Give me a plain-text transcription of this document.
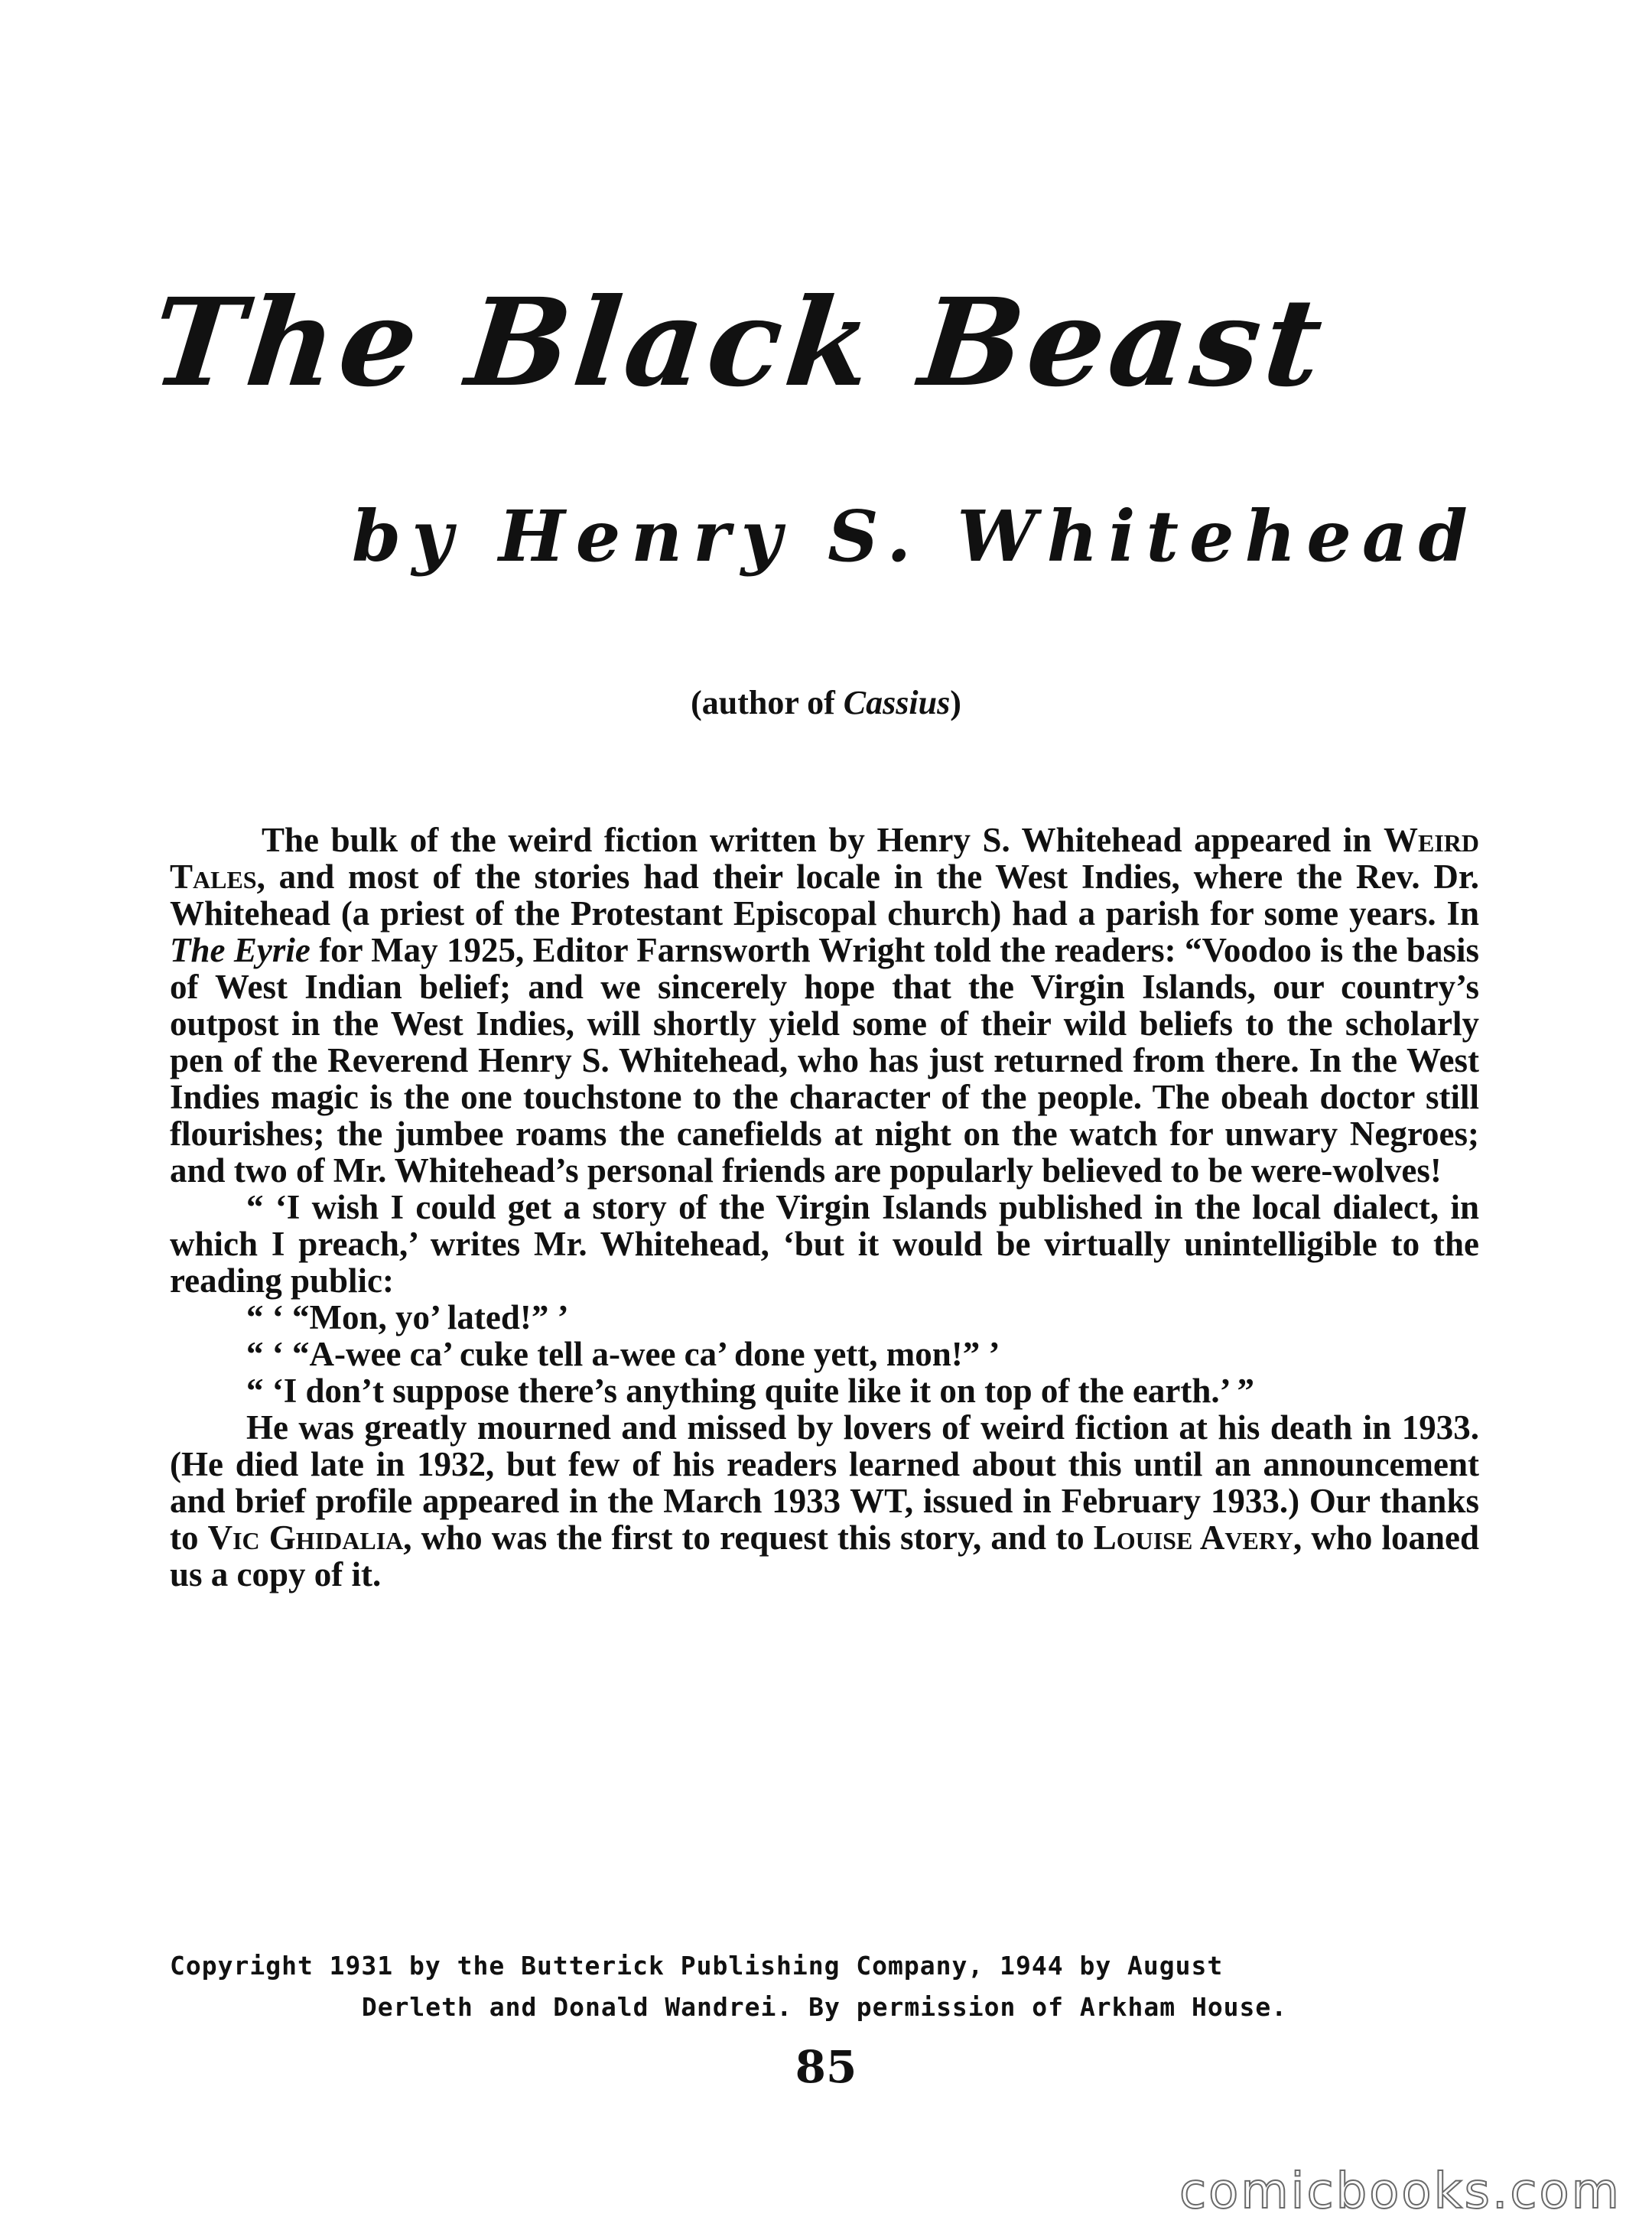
The Black Beast
by Henry S. Whitehead
(author of Cassius)

The bulk of the weird fiction written by Henry S. Whitehead appeared in Weird Tales, and most of the stories had their locale in the West Indies, where the Rev. Dr. Whitehead (a priest of the Protestant Episcopal church) had a parish for some years. In The Eyrie for May 1925, Editor Farnsworth Wright told the readers: “Voodoo is the basis of West Indian belief; and we sincerely hope that the Virgin Islands, our country’s outpost in the West Indies, will shortly yield some of their wild beliefs to the scholarly pen of the Reverend Henry S. Whitehead, who has just returned from there. In the West Indies magic is the one touchstone to the character of the people. The obeah doctor still flourishes; the jumbee roams the canefields at night on the watch for unwary Negroes; and two of Mr. Whitehead’s personal friends are popularly believed to be were-wolves!

“ ‘I wish I could get a story of the Virgin Islands published in the local dialect, in which I preach,’ writes Mr. Whitehead, ‘but it would be virtually unintelligible to the reading public:

“ ‘ “Mon, yo’ lated!” ’

“ ‘ “A-wee ca’ cuke tell a-wee ca’ done yett, mon!” ’

“ ‘I don’t suppose there’s anything quite like it on top of the earth.’ ”

He was greatly mourned and missed by lovers of weird fiction at his death in 1933. (He died late in 1932, but few of his readers learned about this until an announcement and brief profile appeared in the March 1933 WT, issued in February 1933.) Our thanks to Vic Ghidalia, who was the first to request this story, and to Louise Avery, who loaned us a copy of it.

Copyright 1931 by the Butterick Publishing Company, 1944 by August
Derleth and Donald Wandrei. By permission of Arkham House.
85
comicbooks.com
